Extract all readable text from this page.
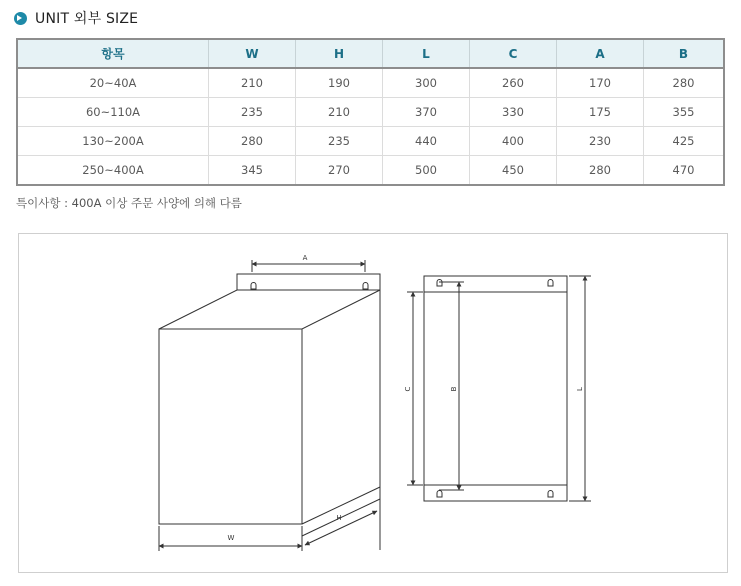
UNIT 외부 SIZE
항목	W	H	L	C	A	B
20~40A	210	190	300	260	170	280
60~110A	235	210	370	330	175	355
130~200A	280	235	440	400	230	425
250~400A	345	270	500	450	280	470
특이사항 : 400A 이상 주문 사양에 의해 다름
A
W
H
C	B	L
